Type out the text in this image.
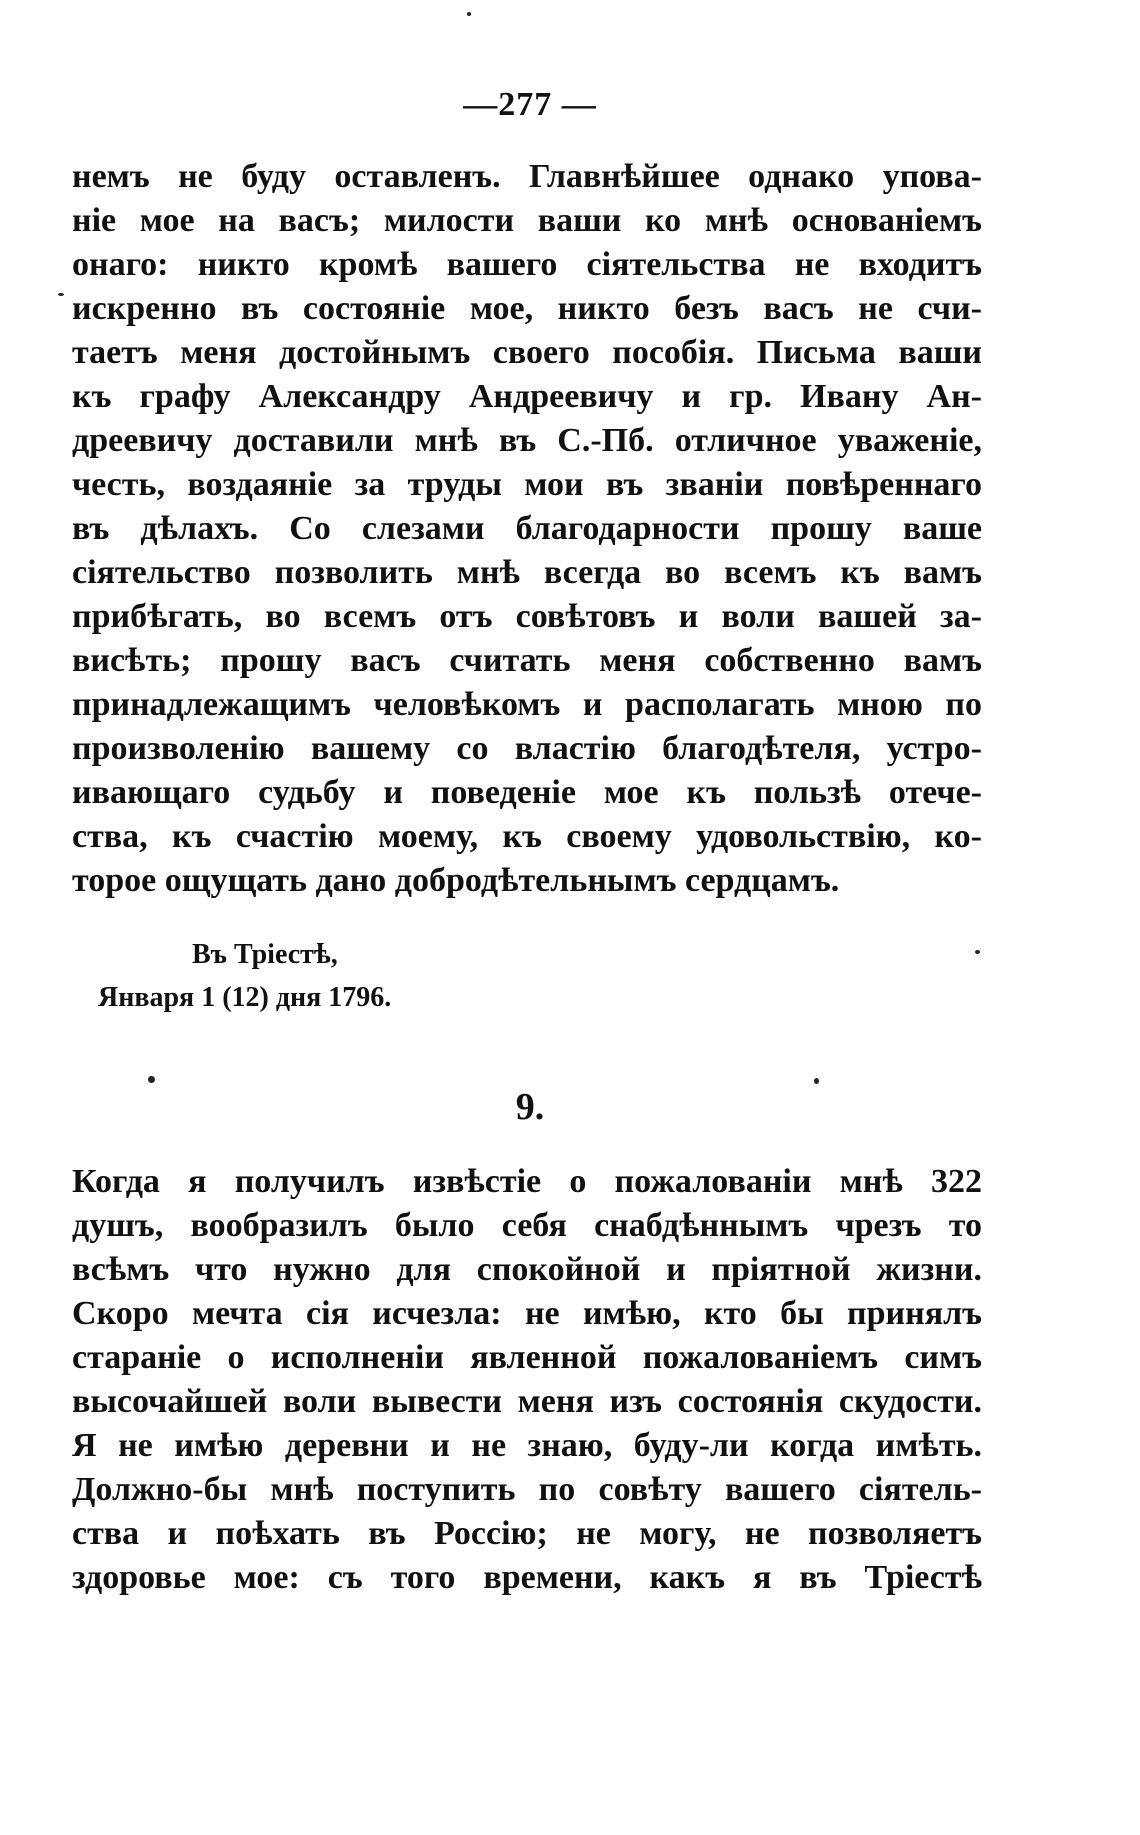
—277 —
немъ не буду оставленъ. Главнѣйшее однако упова-
ніе мое на васъ; милости ваши ко мнѣ основаніемъ
онаго: никто кромѣ вашего сіятельства не входитъ
искренно въ состояніе мое, никто безъ васъ не счи-
таетъ меня достойнымъ своего пособія. Письма ваши
къ графу Александру Андреевичу и гр. Ивану Ан-
дреевичу доставили мнѣ въ С.-Пб. отличное уваженіе,
честь, воздаяніе за труды мои въ званіи повѣреннаго
въ дѣлахъ. Со слезами благодарности прошу ваше
сіятельство позволить мнѣ всегда во всемъ къ вамъ
прибѣгать, во всемъ отъ совѣтовъ и воли вашей за-
висѣть; прошу васъ считать меня собственно вамъ
принадлежащимъ человѣкомъ и располагать мною по
произволенію вашему со властію благодѣтеля, устро-
ивающаго судьбу и поведеніе мое къ пользѣ отече-
ства, къ счастію моему, къ своему удовольствію, ко-
торое ощущать дано добродѣтельнымъ сердцамъ.
Въ Тріестѣ,
Января 1 (12) дня 1796.
9.
Когда я получилъ извѣстіе о пожалованіи мнѣ 322
душъ, вообразилъ было себя снабдѣннымъ чрезъ то
всѣмъ что нужно для спокойной и пріятной жизни.
Скоро мечта сія исчезла: не имѣю, кто бы принялъ
стараніе о исполненіи явленной пожалованіемъ симъ
высочайшей воли вывести меня изъ состоянія скудости.
Я не имѣю деревни и не знаю, буду-ли когда имѣть.
Должно-бы мнѣ поступить по совѣту вашего сіятель-
ства и поѣхать въ Россію; не могу, не позволяетъ
здоровье мое: съ того времени, какъ я въ Тріестѣ
